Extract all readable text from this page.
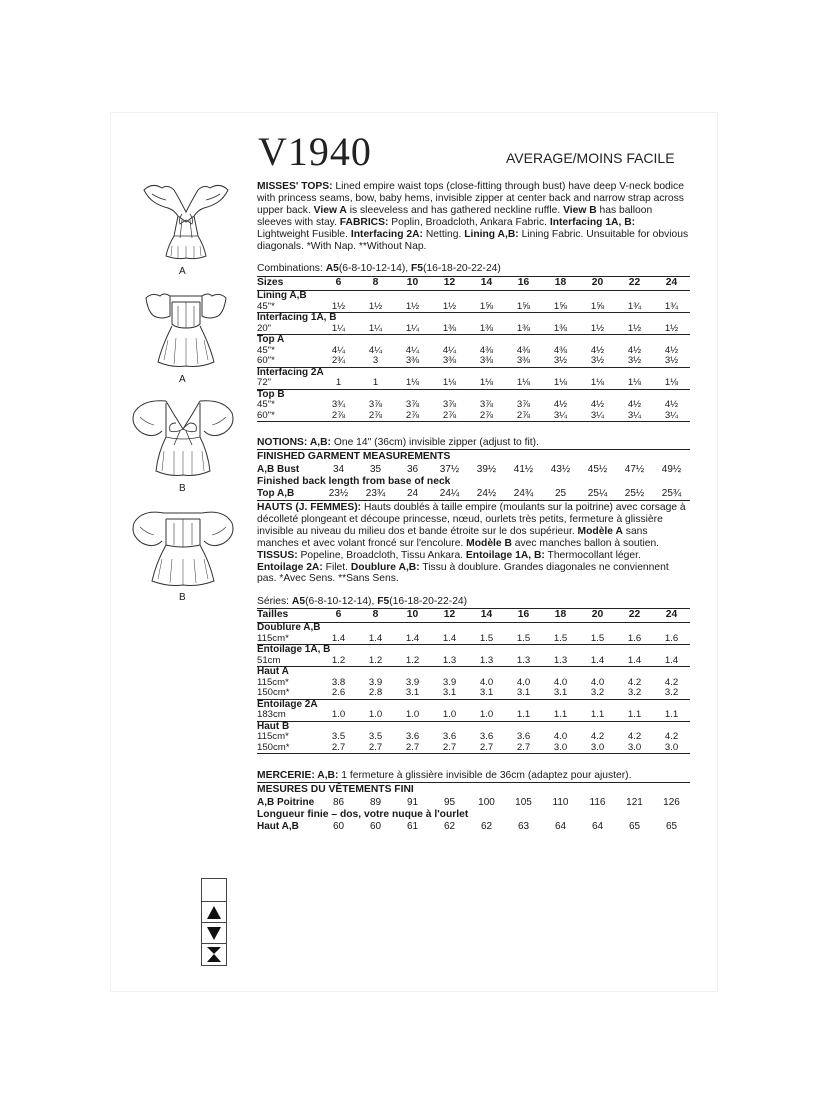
V1940	AVERAGE/MOINS FACILE
A
A
B
B
MISSES' TOPS: Lined empire waist tops (close-fitting through bust) have deep V-neck bodice with princess seams, bow, baby hems, invisible zipper at center back and narrow strap across upper back. View A is sleeveless and has gathered neckline ruffle. View B has balloon sleeves with stay. FABRICS: Poplin, Broadcloth, Ankara Fabric. Interfacing 1A, B: Lightweight Fusible. Interfacing 2A: Netting. Lining A,B: Lining Fabric. Unsuitable for obvious diagonals. *With Nap. **Without Nap.
Combinations: A5(6-8-10-12-14), F5(16-18-20-22-24)
Sizes	6	8	10	12	14	16	18	20	22	24
Lining A,B										
45"*	1½	1½	1½	1½	1⅝	1⅝	1⅝	1⅝	1¾	1¾
Interfacing 1A, B										
20"	1¼	1¼	1¼	1⅜	1⅜	1⅜	1⅜	1½	1½	1½
Top A										
45"*	4¼	4¼	4¼	4¼	4⅜	4⅜	4⅜	4½	4½	4½
60"*	2¾	3	3⅜	3⅜	3⅜	3⅜	3½	3½	3½	3½
Interfacing 2A										
72"	1	1	1⅛	1⅛	1⅛	1⅛	1⅛	1⅛	1⅛	1⅛
Top B										
45"*	3¾	3⅞	3⅞	3⅞	3⅞	3⅞	4½	4½	4½	4½
60"*	2⅞	2⅞	2⅞	2⅞	2⅞	2⅞	3¼	3¼	3¼	3¼
NOTIONS: A,B: One 14" (36cm) invisible zipper (adjust to fit).
FINISHED GARMENT MEASUREMENTS
A,B Bust	34	35	36	37½	39½	41½	43½	45½	47½	49½
Finished back length from base of neck
Top A,B	23½	23¾	24	24¼	24½	24¾	25	25¼	25½	25¾
HAUTS (J. FEMMES): Hauts doublés à taille empire (moulants sur la poitrine) avec corsage à décolleté plongeant et découpe princesse, nœud, ourlets très petits, fermeture à glissière invisible au niveau du milieu dos et bande étroite sur le dos supérieur. Modèle A sans manches et avec volant froncé sur l'encolure. Modèle B avec manches ballon à soutien. TISSUS: Popeline, Broadcloth, Tissu Ankara. Entoilage 1A, B: Thermocollant léger. Entoilage 2A: Filet. Doublure A,B: Tissu à doublure. Grandes diagonales ne conviennent pas. *Avec Sens. **Sans Sens.
Séries: A5(6-8-10-12-14), F5(16-18-20-22-24)
Tailles	6	8	10	12	14	16	18	20	22	24
Doublure A,B										
115cm*	1.4	1.4	1.4	1.4	1.5	1.5	1.5	1.5	1.6	1.6
Entoilage 1A, B										
51cm	1.2	1.2	1.2	1.3	1.3	1.3	1.3	1.4	1.4	1.4
Haut A										
115cm*	3.8	3.9	3.9	3.9	4.0	4.0	4.0	4.0	4.2	4.2
150cm*	2.6	2.8	3.1	3.1	3.1	3.1	3.1	3.2	3.2	3.2
Entoilage 2A										
183cm	1.0	1.0	1.0	1.0	1.0	1.1	1.1	1.1	1.1	1.1
Haut B										
115cm*	3.5	3.5	3.6	3.6	3.6	3.6	4.0	4.2	4.2	4.2
150cm*	2.7	2.7	2.7	2.7	2.7	2.7	3.0	3.0	3.0	3.0
MERCERIE: A,B: 1 fermeture à glissière invisible de 36cm (adaptez pour ajuster).
MESURES DU VÊTEMENTS FINI
A,B Poitrine	86	89	91	95	100	105	110	116	121	126
Longueur finie – dos, votre nuque à l'ourlet
Haut A,B	60	60	61	62	62	63	64	64	65	65
